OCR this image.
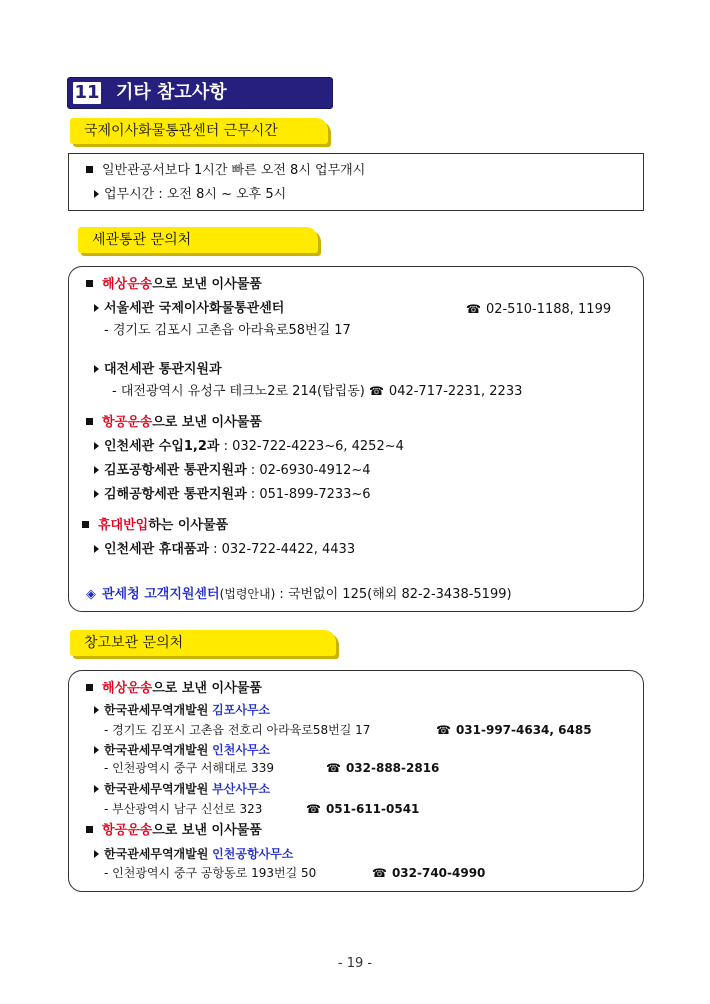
11 기타 참고사항
국제이사화물통관센터 근무시간
일반관공서보다 1시간 빠른 오전 8시 업무개시
업무시간 : 오전 8시 ~ 오후 5시
세관통관 문의처
해상운송으로 보낸 이사물품
서울세관 국제이사화물통관센터	☎ 02-510-1188, 1199
- 경기도 김포시 고촌읍 아라육로58번길 17
대전세관 통관지원과
- 대전광역시 유성구 테크노2로 214(탑립동) ☎ 042-717-2231, 2233
항공운송으로 보낸 이사물품
인천세관 수입1,2과 : 032-722-4223~6, 4252~4
김포공항세관 통관지원과 : 02-6930-4912~4
김해공항세관 통관지원과 : 051-899-7233~6
휴대반입하는 이사물품
인천세관 휴대품과 : 032-722-4422, 4433
◈ 관세청 고객지원센터(법령안내) : 국번없이 125(해외 82-2-3438-5199)
창고보관 문의처
해상운송으로 보낸 이사물품
한국관세무역개발원 김포사무소
- 경기도 김포시 고촌읍 전호리 아라육로58번길 17	☎ 031-997-4634, 6485
한국관세무역개발원 인천사무소
- 인천광역시 중구 서해대로 339	☎ 032-888-2816
한국관세무역개발원 부산사무소
- 부산광역시 남구 신선로 323	☎ 051-611-0541
항공운송으로 보낸 이사물품
한국관세무역개발원 인천공항사무소
- 인천광역시 중구 공항동로 193번길 50	☎ 032-740-4990
- 19 -
